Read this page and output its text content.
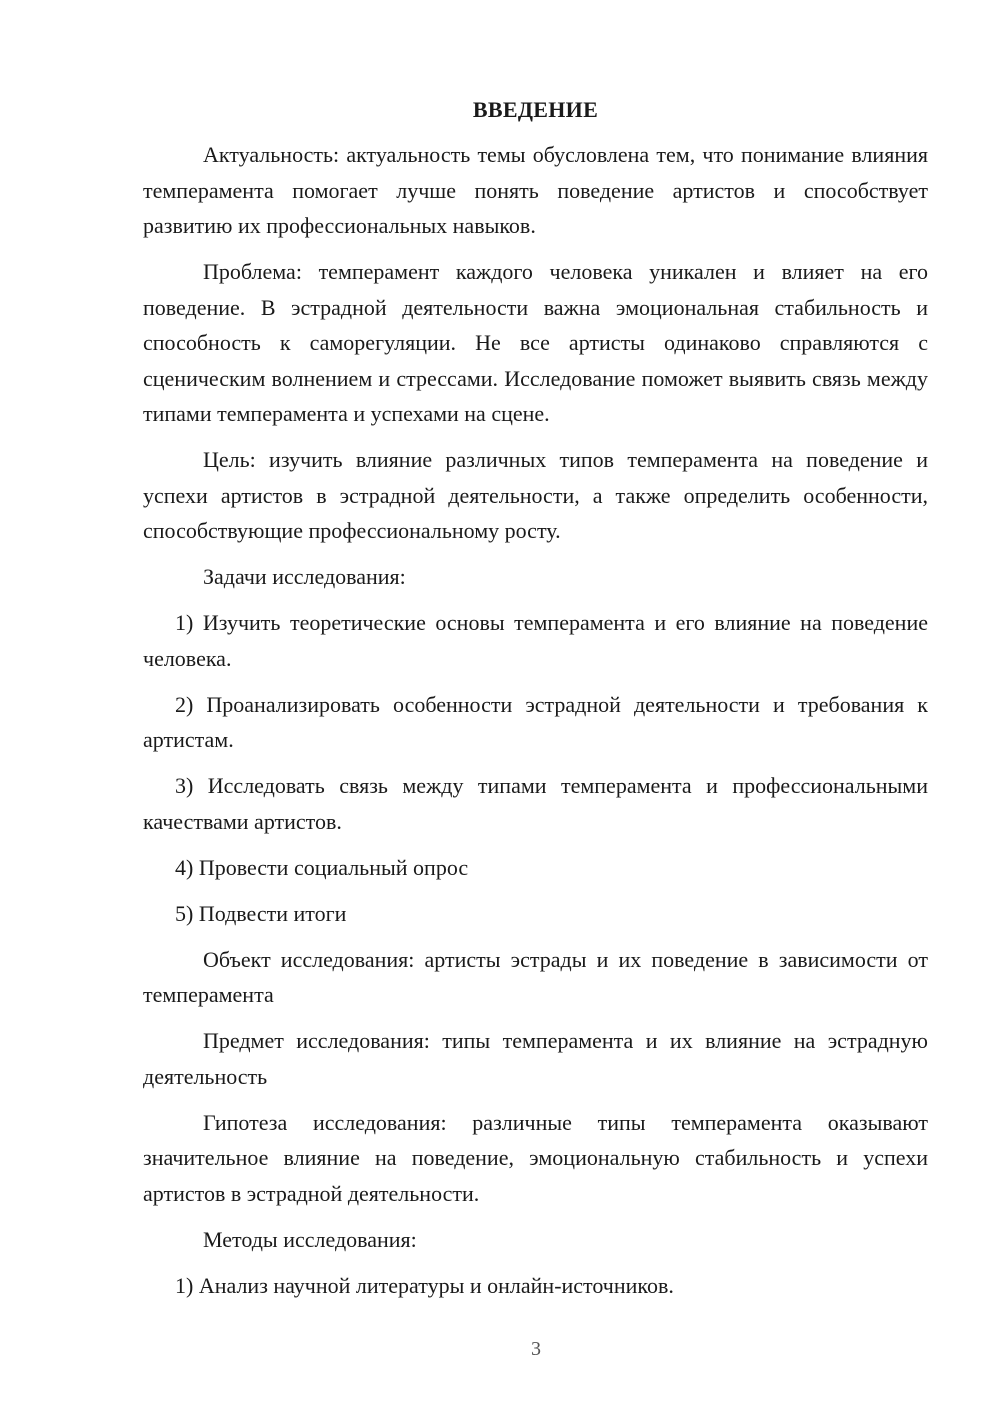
ВВЕДЕНИЕ

Актуальность: актуальность темы обусловлена тем, что понимание влияния темперамента помогает лучше понять поведение артистов и способствует развитию их профессиональных навыков.

Проблема: темперамент каждого человека уникален и влияет на его поведение. В эстрадной деятельности важна эмоциональная стабильность и способность к саморегуляции. Не все артисты одинаково справляются с сценическим волнением и стрессами. Исследование поможет выявить связь между типами темперамента и успехами на сцене.

Цель: изучить влияние различных типов темперамента на поведение и успехи артистов в эстрадной деятельности, а также определить особенности, способствующие профессиональному росту.

Задачи исследования:

1) Изучить теоретические основы темперамента и его влияние на поведение человека.

2) Проанализировать особенности эстрадной деятельности и требования к артистам.

3) Исследовать связь между типами темперамента и профессиональными качествами артистов.

4) Провести социальный опрос

5) Подвести итоги

Объект исследования: артисты эстрады и их поведение в зависимости от темперамента

Предмет исследования: типы темперамента и их влияние на эстрадную деятельность

Гипотеза исследования: различные типы темперамента оказывают значительное влияние на поведение, эмоциональную стабильность и успехи артистов в эстрадной деятельности.

Методы исследования:

1) Анализ научной литературы и онлайн-источников.

3
